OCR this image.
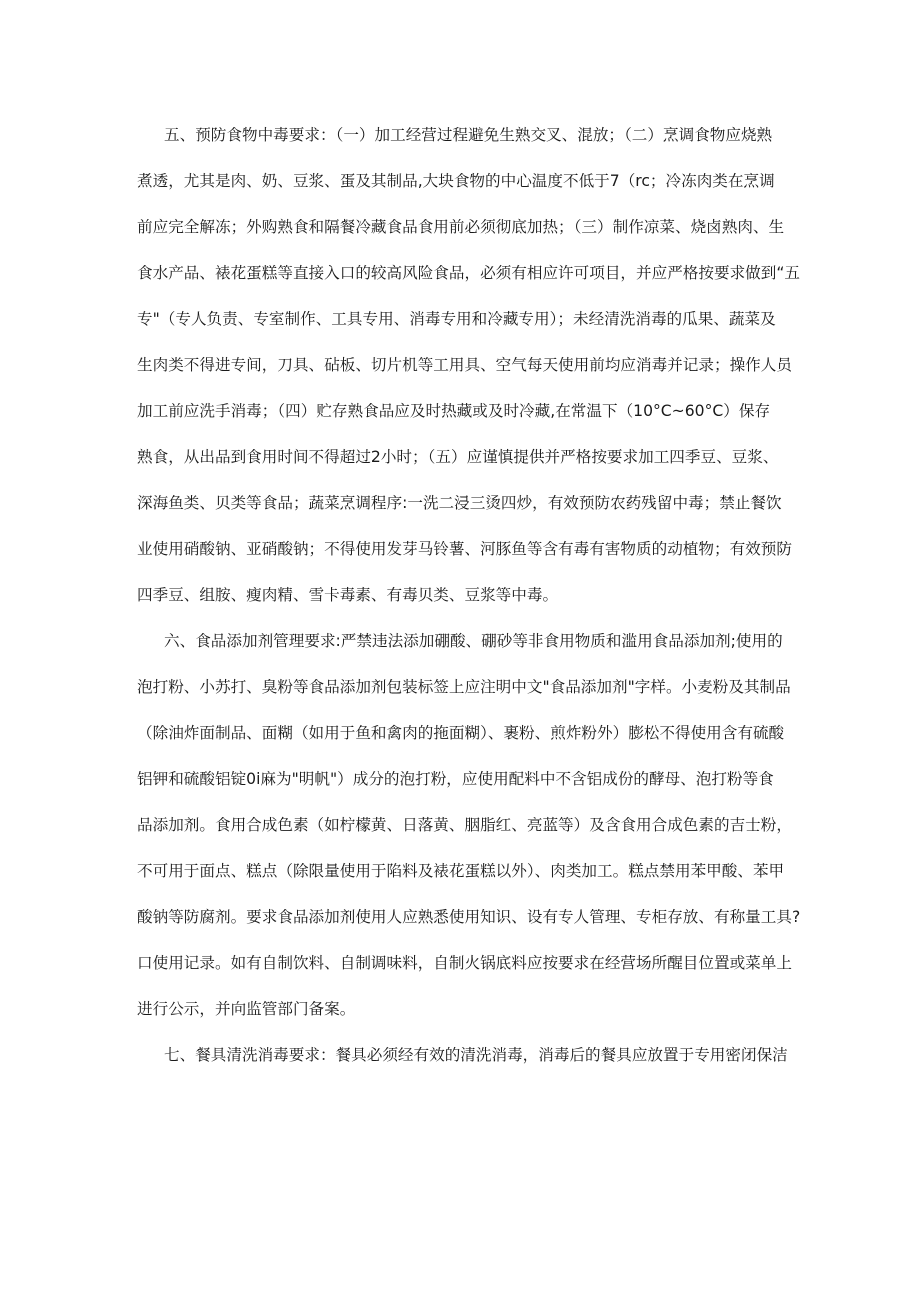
五、预防食物中毒要求：（一）加工经营过程避免生熟交叉、混放；（二）烹调食物应烧熟
煮透，尤其是肉、奶、豆浆、蛋及其制品,大块食物的中心温度不低于7（rc；冷冻肉类在烹调
前应完全解冻；外购熟食和隔餐冷藏食品食用前必须彻底加热；（三）制作凉菜、烧卤熟肉、生
食水产品、裱花蛋糕等直接入口的较高风险食品，必须有相应许可项目，并应严格按要求做到“五
专"（专人负责、专室制作、工具专用、消毒专用和冷藏专用）；未经清洗消毒的瓜果、蔬菜及
生肉类不得进专间，刀具、砧板、切片机等工用具、空气每天使用前均应消毒并记录；操作人员
加工前应洗手消毒；（四）贮存熟食品应及时热藏或及时冷藏,在常温下（10°C~60°C）保存
熟食，从出品到食用时间不得超过2小时；（五）应谨慎提供并严格按要求加工四季豆、豆浆、
深海鱼类、贝类等食品；蔬菜烹调程序:一洗二浸三烫四炒，有效预防农药残留中毒；禁止餐饮
业使用硝酸钠、亚硝酸钠；不得使用发芽马铃薯、河豚鱼等含有毒有害物质的动植物；有效预防
四季豆、组胺、瘦肉精、雪卡毒素、有毒贝类、豆浆等中毒。
六、食品添加剂管理要求:严禁违法添加硼酸、硼砂等非食用物质和滥用食品添加剂;使用的
泡打粉、小苏打、臭粉等食品添加剂包装标签上应注明中文"食品添加剂"字样。小麦粉及其制品
（除油炸面制品、面糊（如用于鱼和禽肉的拖面糊）、裹粉、煎炸粉外）膨松不得使用含有硫酸
铝钾和硫酸铝锭0i麻为"明帆"）成分的泡打粉，应使用配料中不含铝成份的酵母、泡打粉等食
品添加剂。食用合成色素（如柠檬黄、日落黄、胭脂红、亮蓝等）及含食用合成色素的吉士粉，
不可用于面点、糕点（除限量使用于陷料及裱花蛋糕以外）、肉类加工。糕点禁用苯甲酸、苯甲
酸钠等防腐剂。要求食品添加剂使用人应熟悉使用知识、设有专人管理、专柜存放、有称量工具?
口使用记录。如有自制饮料、自制调味料，自制火锅底料应按要求在经营场所醒目位置或菜单上
进行公示，并向监管部门备案。
七、餐具清洗消毒要求：餐具必须经有效的清洗消毒，消毒后的餐具应放置于专用密闭保洁
